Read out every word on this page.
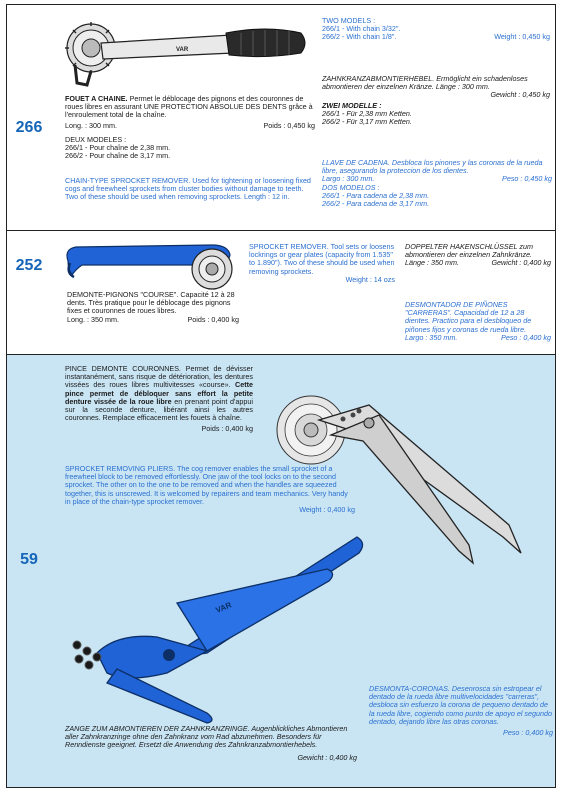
266
VAR

FOUET A CHAINE. Permet le déblocage des pignons et des couronnes de roues libres en assurant UNE PROTECTION ABSOLUE DES DENTS grâce à l'enroulement total de la chaîne.

Long. : 300 mm.	Poids : 0,450 kg

DEUX MODELES :

266/1 - Pour chaîne de 2,38 mm.

266/2 - Pour chaîne de 3,17 mm.

CHAIN-TYPE SPROCKET REMOVER. Used for tightening or loosening fixed cogs and freewheel sprockets from cluster bodies without damage to teeth. Two of these should be used when removing sprockets. Length : 12 in.

TWO MODELS :

266/1 - With chain 3/32".

266/2 - With chain 1/8".	Weight : 0,450 kg

ZAHNKRANZABMONTIERHEBEL. Ermöglicht ein schadenloses abmontieren der einzelnen Kränze. Länge : 300 mm.

Gewicht : 0,450 kg

ZWEI MODELLE :

266/1 - Für 2,38 mm Ketten.

266/2 - Für 3,17 mm Ketten.

LLAVE DE CADENA. Desbloca los pinones y las coronas de la rueda libre, asegurando la proteccion de los dientes.

Largo : 300 mm.	Peso : 0,450 kg

DOS MODELOS :

266/1 - Para cadena de 2,38 mm.

266/2 - Para cadena de 3,17 mm.

252

DEMONTE-PIGNONS "COURSE". Capacité 12 à 28 dents. Très pratique pour le déblocage des pignons fixes et couronnes de roues libres.

Long. : 350 mm.	Poids : 0,400 kg

SPROCKET REMOVER. Tool sets or loosens lockrings or gear plates (capacity from 1.535" to 1.890"). Two of these should be used when removing sprockets.

Weight : 14 ozs

DOPPELTER HAKENSCHLÜSSEL zum abmontieren der einzelnen Zahnkränze.

Länge : 350 mm.	Gewicht : 0,400 kg

DESMONTADOR DE PIÑONES "CARRERAS". Capacidad de 12 a 28 dientes. Practico para el desbloqueo de piñones fijos y coronas de rueda libre.

Largo : 350 mm.	Peso : 0,400 kg
59

PINCE DEMONTE COURONNES. Permet de dévisser instantanément, sans risque de détérioration, les dentures vissées des roues libres multivitesses «course». Cette pince permet de débloquer sans effort la petite denture vissée de la roue libre en prenant point d'appui sur la seconde denture, libérant ainsi les autres couronnes. Remplace efficacement les fouets à chaîne.

Poids : 0,400 kg

SPROCKET REMOVING PLIERS. The cog remover enables the small sprocket of a freewheel block to be removed effortlessly. One jaw of the tool locks on to the second sprocket. The other on to the one to be removed and when the handles are squeezed together, this is unscrewed. It is welcomed by repairers and team mechanics. Very handy in place of the chain-type sprocket remover.

Weight : 0,400 kg

VAR

DESMONTA-CORONAS. Desenrosca sin estropear el dentado de la rueda libre multivelocidades "carreras", desbloca sin esfuerzo la corona de pequeno dentado de la rueda libre, cogiendo como punto de apoyo el segundo dentado, dejando libre las otras coronas.

Peso : 0,400 kg

ZANGE ZUM ABMONTIEREN DER ZAHNKRANZRINGE. Augenblickliches Abmontieren aller Zahnkranzringe ohne den Zahnkranz vom Rad abzunehmen. Besonders für Renndienste geeignet. Ersetzt die Anwendung des Zahnkranzabmontierhebels.

Gewicht : 0,400 kg
